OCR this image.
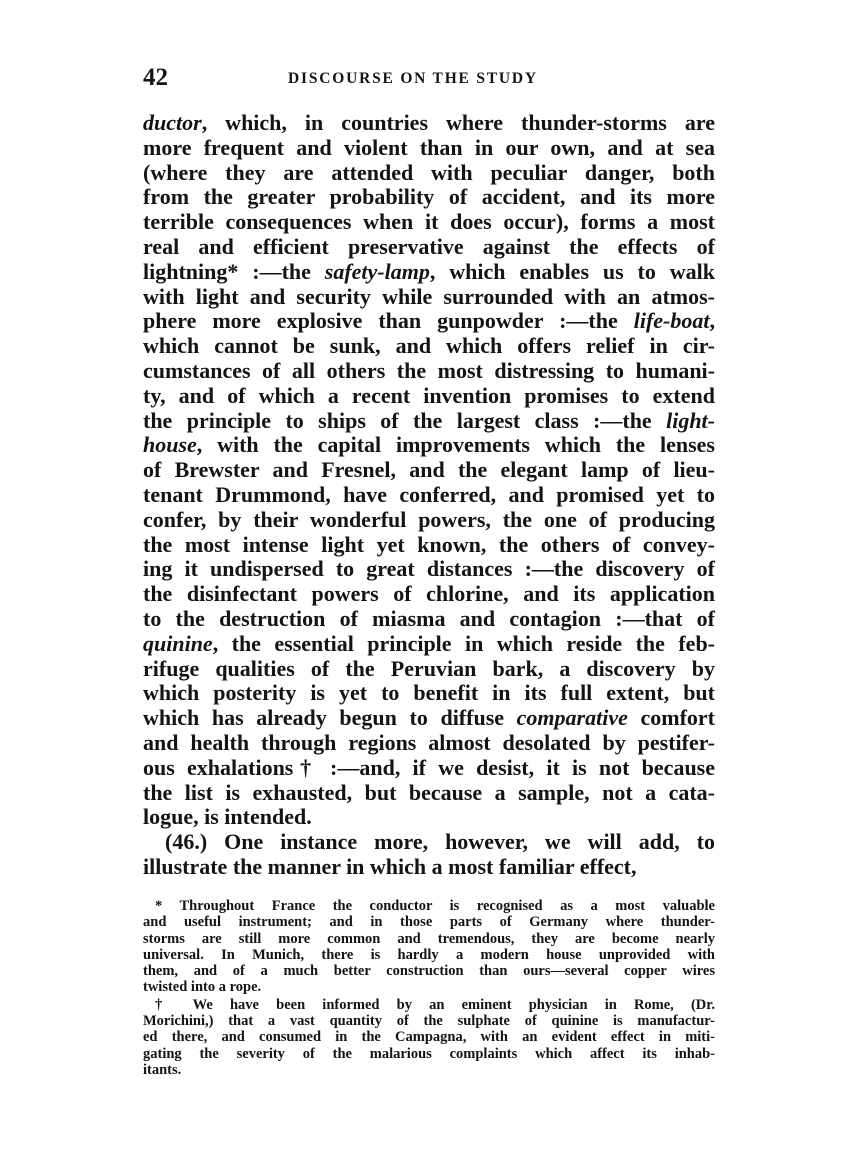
42	DISCOURSE ON THE STUDY
ductor, which, in countries where thunder-storms are
more frequent and violent than in our own, and at sea
(where they are attended with peculiar danger, both
from the greater probability of accident, and its more
terrible consequences when it does occur), forms a most
real and efficient preservative against the effects of
lightning* :—the safety-lamp, which enables us to walk
with light and security while surrounded with an atmos-
phere more explosive than gunpowder :—the life-boat,
which cannot be sunk, and which offers relief in cir-
cumstances of all others the most distressing to humani-
ty, and of which a recent invention promises to extend
the principle to ships of the largest class :—the light-
house, with the capital improvements which the lenses
of Brewster and Fresnel, and the elegant lamp of lieu-
tenant Drummond, have conferred, and promised yet to
confer, by their wonderful powers, the one of producing
the most intense light yet known, the others of convey-
ing it undispersed to great distances :—the discovery of
the disinfectant powers of chlorine, and its application
to the destruction of miasma and contagion :—that of
quinine, the essential principle in which reside the feb-
rifuge qualities of the Peruvian bark, a discovery by
which posterity is yet to benefit in its full extent, but
which has already begun to diffuse comparative comfort
and health through regions almost desolated by pestifer-
ous exhalations† :—and, if we desist, it is not because
the list is exhausted, but because a sample, not a cata-
logue, is intended.
(46.) One instance more, however, we will add, to
illustrate the manner in which a most familiar effect,
* Throughout France the conductor is recognised as a most valuable
and useful instrument; and in those parts of Germany where thunder-
storms are still more common and tremendous, they are become nearly
universal. In Munich, there is hardly a modern house unprovided with
them, and of a much better construction than ours—several copper wires
twisted into a rope.
† We have been informed by an eminent physician in Rome, (Dr.
Morichini,) that a vast quantity of the sulphate of quinine is manufactur-
ed there, and consumed in the Campagna, with an evident effect in miti-
gating the severity of the malarious complaints which affect its inhab-
itants.
